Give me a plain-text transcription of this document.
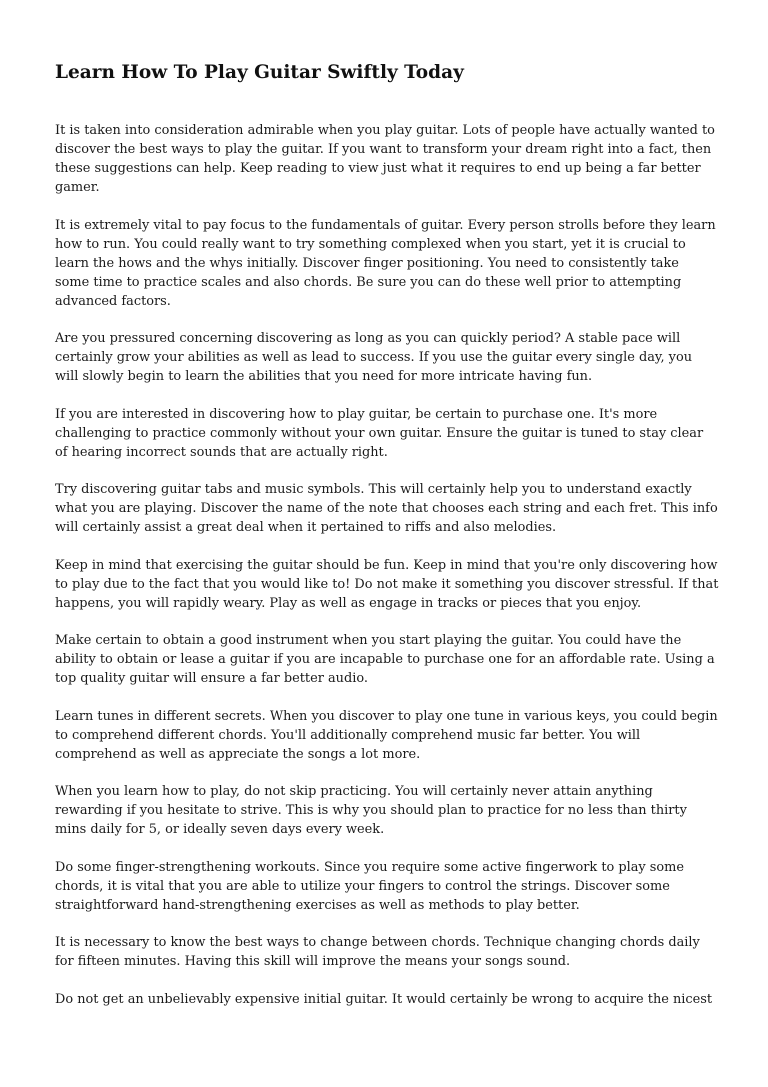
Learn How To Play Guitar Swiftly Today

It is taken into consideration admirable when you play guitar. Lots of people have actually wanted to
discover the best ways to play the guitar. If you want to transform your dream right into a fact, then
these suggestions can help. Keep reading to view just what it requires to end up being a far better
gamer.

It is extremely vital to pay focus to the fundamentals of guitar. Every person strolls before they learn
how to run. You could really want to try something complexed when you start, yet it is crucial to
learn the hows and the whys initially. Discover finger positioning. You need to consistently take
some time to practice scales and also chords. Be sure you can do these well prior to attempting
advanced factors.

Are you pressured concerning discovering as long as you can quickly period? A stable pace will
certainly grow your abilities as well as lead to success. If you use the guitar every single day, you
will slowly begin to learn the abilities that you need for more intricate having fun.

If you are interested in discovering how to play guitar, be certain to purchase one. It's more
challenging to practice commonly without your own guitar. Ensure the guitar is tuned to stay clear
of hearing incorrect sounds that are actually right.

Try discovering guitar tabs and music symbols. This will certainly help you to understand exactly
what you are playing. Discover the name of the note that chooses each string and each fret. This info
will certainly assist a great deal when it pertained to riffs and also melodies.

Keep in mind that exercising the guitar should be fun. Keep in mind that you're only discovering how
to play due to the fact that you would like to! Do not make it something you discover stressful. If that
happens, you will rapidly weary. Play as well as engage in tracks or pieces that you enjoy.

Make certain to obtain a good instrument when you start playing the guitar. You could have the
ability to obtain or lease a guitar if you are incapable to purchase one for an affordable rate. Using a
top quality guitar will ensure a far better audio.

Learn tunes in different secrets. When you discover to play one tune in various keys, you could begin
to comprehend different chords. You'll additionally comprehend music far better. You will
comprehend as well as appreciate the songs a lot more.

When you learn how to play, do not skip practicing. You will certainly never attain anything
rewarding if you hesitate to strive. This is why you should plan to practice for no less than thirty
mins daily for 5, or ideally seven days every week.

Do some finger-strengthening workouts. Since you require some active fingerwork to play some
chords, it is vital that you are able to utilize your fingers to control the strings. Discover some
straightforward hand-strengthening exercises as well as methods to play better.

It is necessary to know the best ways to change between chords. Technique changing chords daily
for fifteen minutes. Having this skill will improve the means your songs sound.

Do not get an unbelievably expensive initial guitar. It would certainly be wrong to acquire the nicest
